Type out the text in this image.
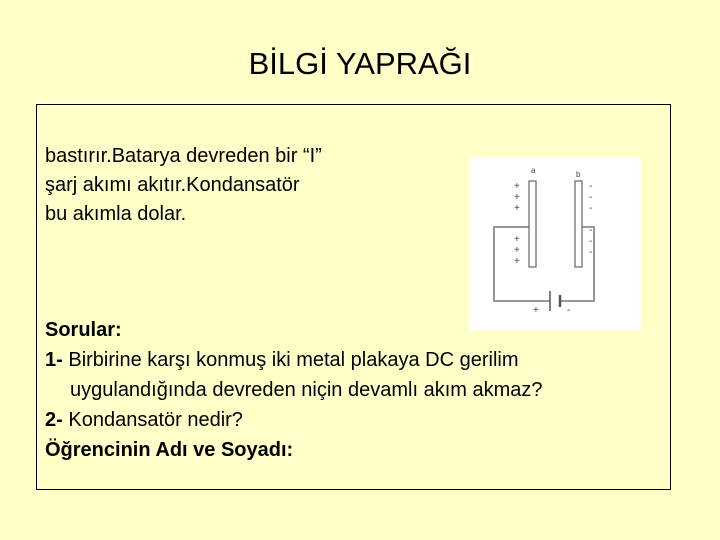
BİLGİ YAPRAĞI
bastırır.Batarya devreden bir “I”
şarj akımı akıtır.Kondansatör
bu akımla dolar.
a	b
+
+
+
+
+
+
-
-
-
-
-
-
+	-
Sorular:
1- Birbirine karşı konmuş iki metal plakaya DC gerilim
uygulandığında devreden niçin devamlı akım akmaz?
2- Kondansatör nedir?
Öğrencinin Adı ve Soyadı:
